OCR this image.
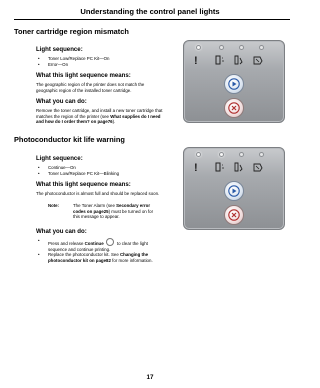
Understanding the control panel lights
Toner cartridge region mismatch
Light sequence:
• Toner Low/Replace PC Kit—On
• Error—On
What this light sequence means:
The geographic region of the printer does not match the
geographic region of the installed toner cartridge.
What you can do:
Remove the toner cartridge, and install a new toner cartridge that
matches the region of the printer (see What supplies do I need
and how do I order them? on page76).
!
Photoconductor kit life warning
Light sequence:
• Continue—On
• Toner Low/Replace PC Kit—Blinking
What this light sequence means:
The photoconductor is almost full and should be replaced soon.
Note:	The Toner Alarm (see Secondary error
codes on page25) must be turned on for
this message to appear.
What you can do:
• Press and release Continue	to clear the light
sequence and continue printing.
• Replace the photoconductor kit. See Changing the
photoconductor kit on page82 for more information.
!
17
